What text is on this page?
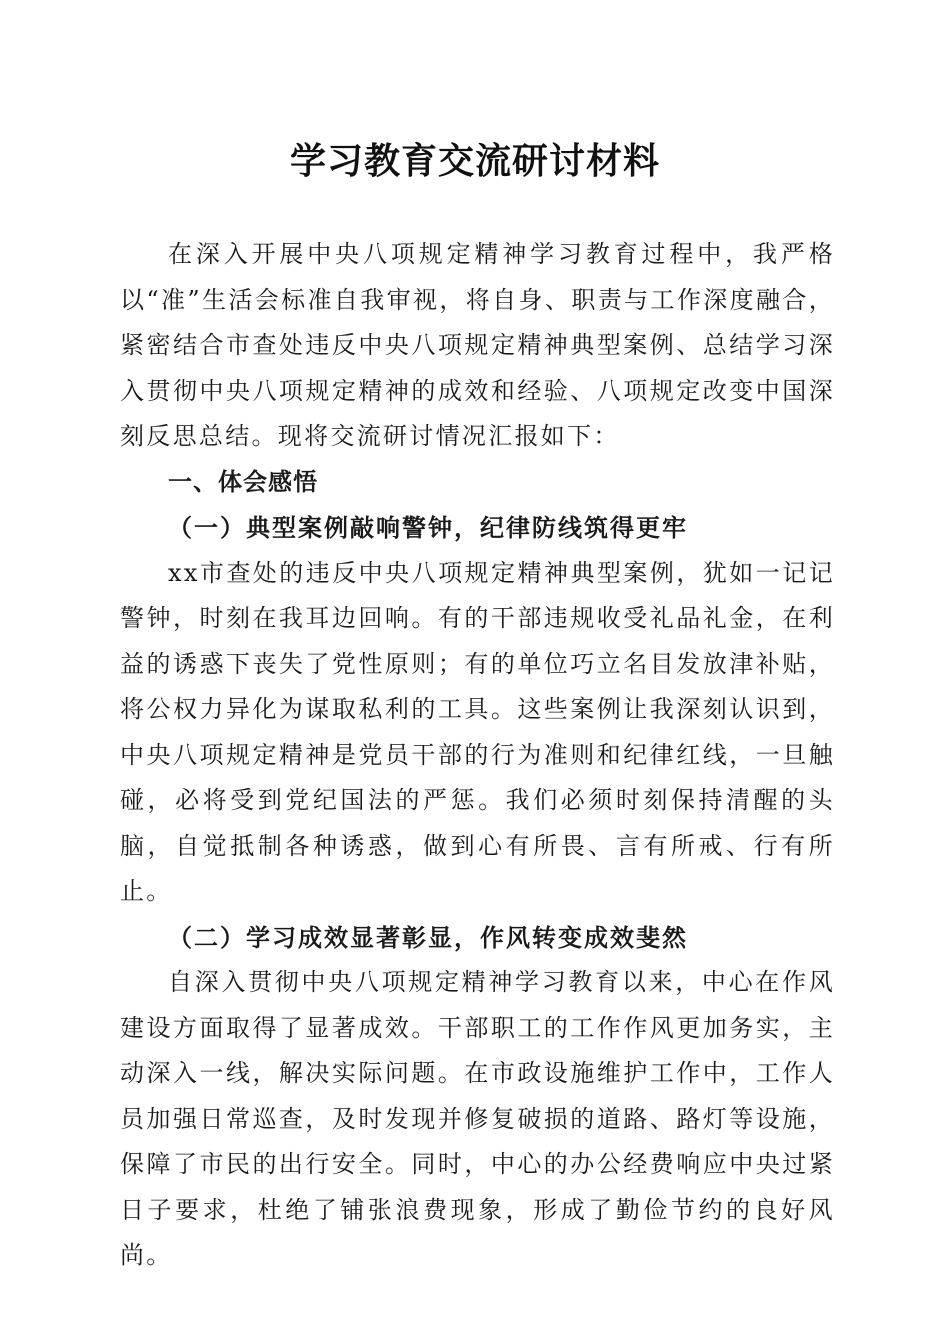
学习教育交流研讨材料

在深入开展中央八项规定精神学习教育过程中，我严格以“准”生活会标准自我审视，将自身、职责与工作深度融合，紧密结合市查处违反中央八项规定精神典型案例、总结学习深入贯彻中央八项规定精神的成效和经验、八项规定改变中国深刻反思总结。现将交流研讨情况汇报如下：

一、体会感悟

（一）典型案例敲响警钟，纪律防线筑得更牢

xx市查处的违反中央八项规定精神典型案例，犹如一记记警钟，时刻在我耳边回响。有的干部违规收受礼品礼金，在利益的诱惑下丧失了党性原则；有的单位巧立名目发放津补贴，将公权力异化为谋取私利的工具。这些案例让我深刻认识到，中央八项规定精神是党员干部的行为准则和纪律红线，一旦触碰，必将受到党纪国法的严惩。我们必须时刻保持清醒的头脑，自觉抵制各种诱惑，做到心有所畏、言有所戒、行有所止。

（二）学习成效显著彰显，作风转变成效斐然

自深入贯彻中央八项规定精神学习教育以来，中心在作风建设方面取得了显著成效。干部职工的工作作风更加务实，主动深入一线，解决实际问题。在市政设施维护工作中，工作人员加强日常巡查，及时发现并修复破损的道路、路灯等设施，保障了市民的出行安全。同时，中心的办公经费响应中央过紧日子要求，杜绝了铺张浪费现象，形成了勤俭节约的良好风尚。
